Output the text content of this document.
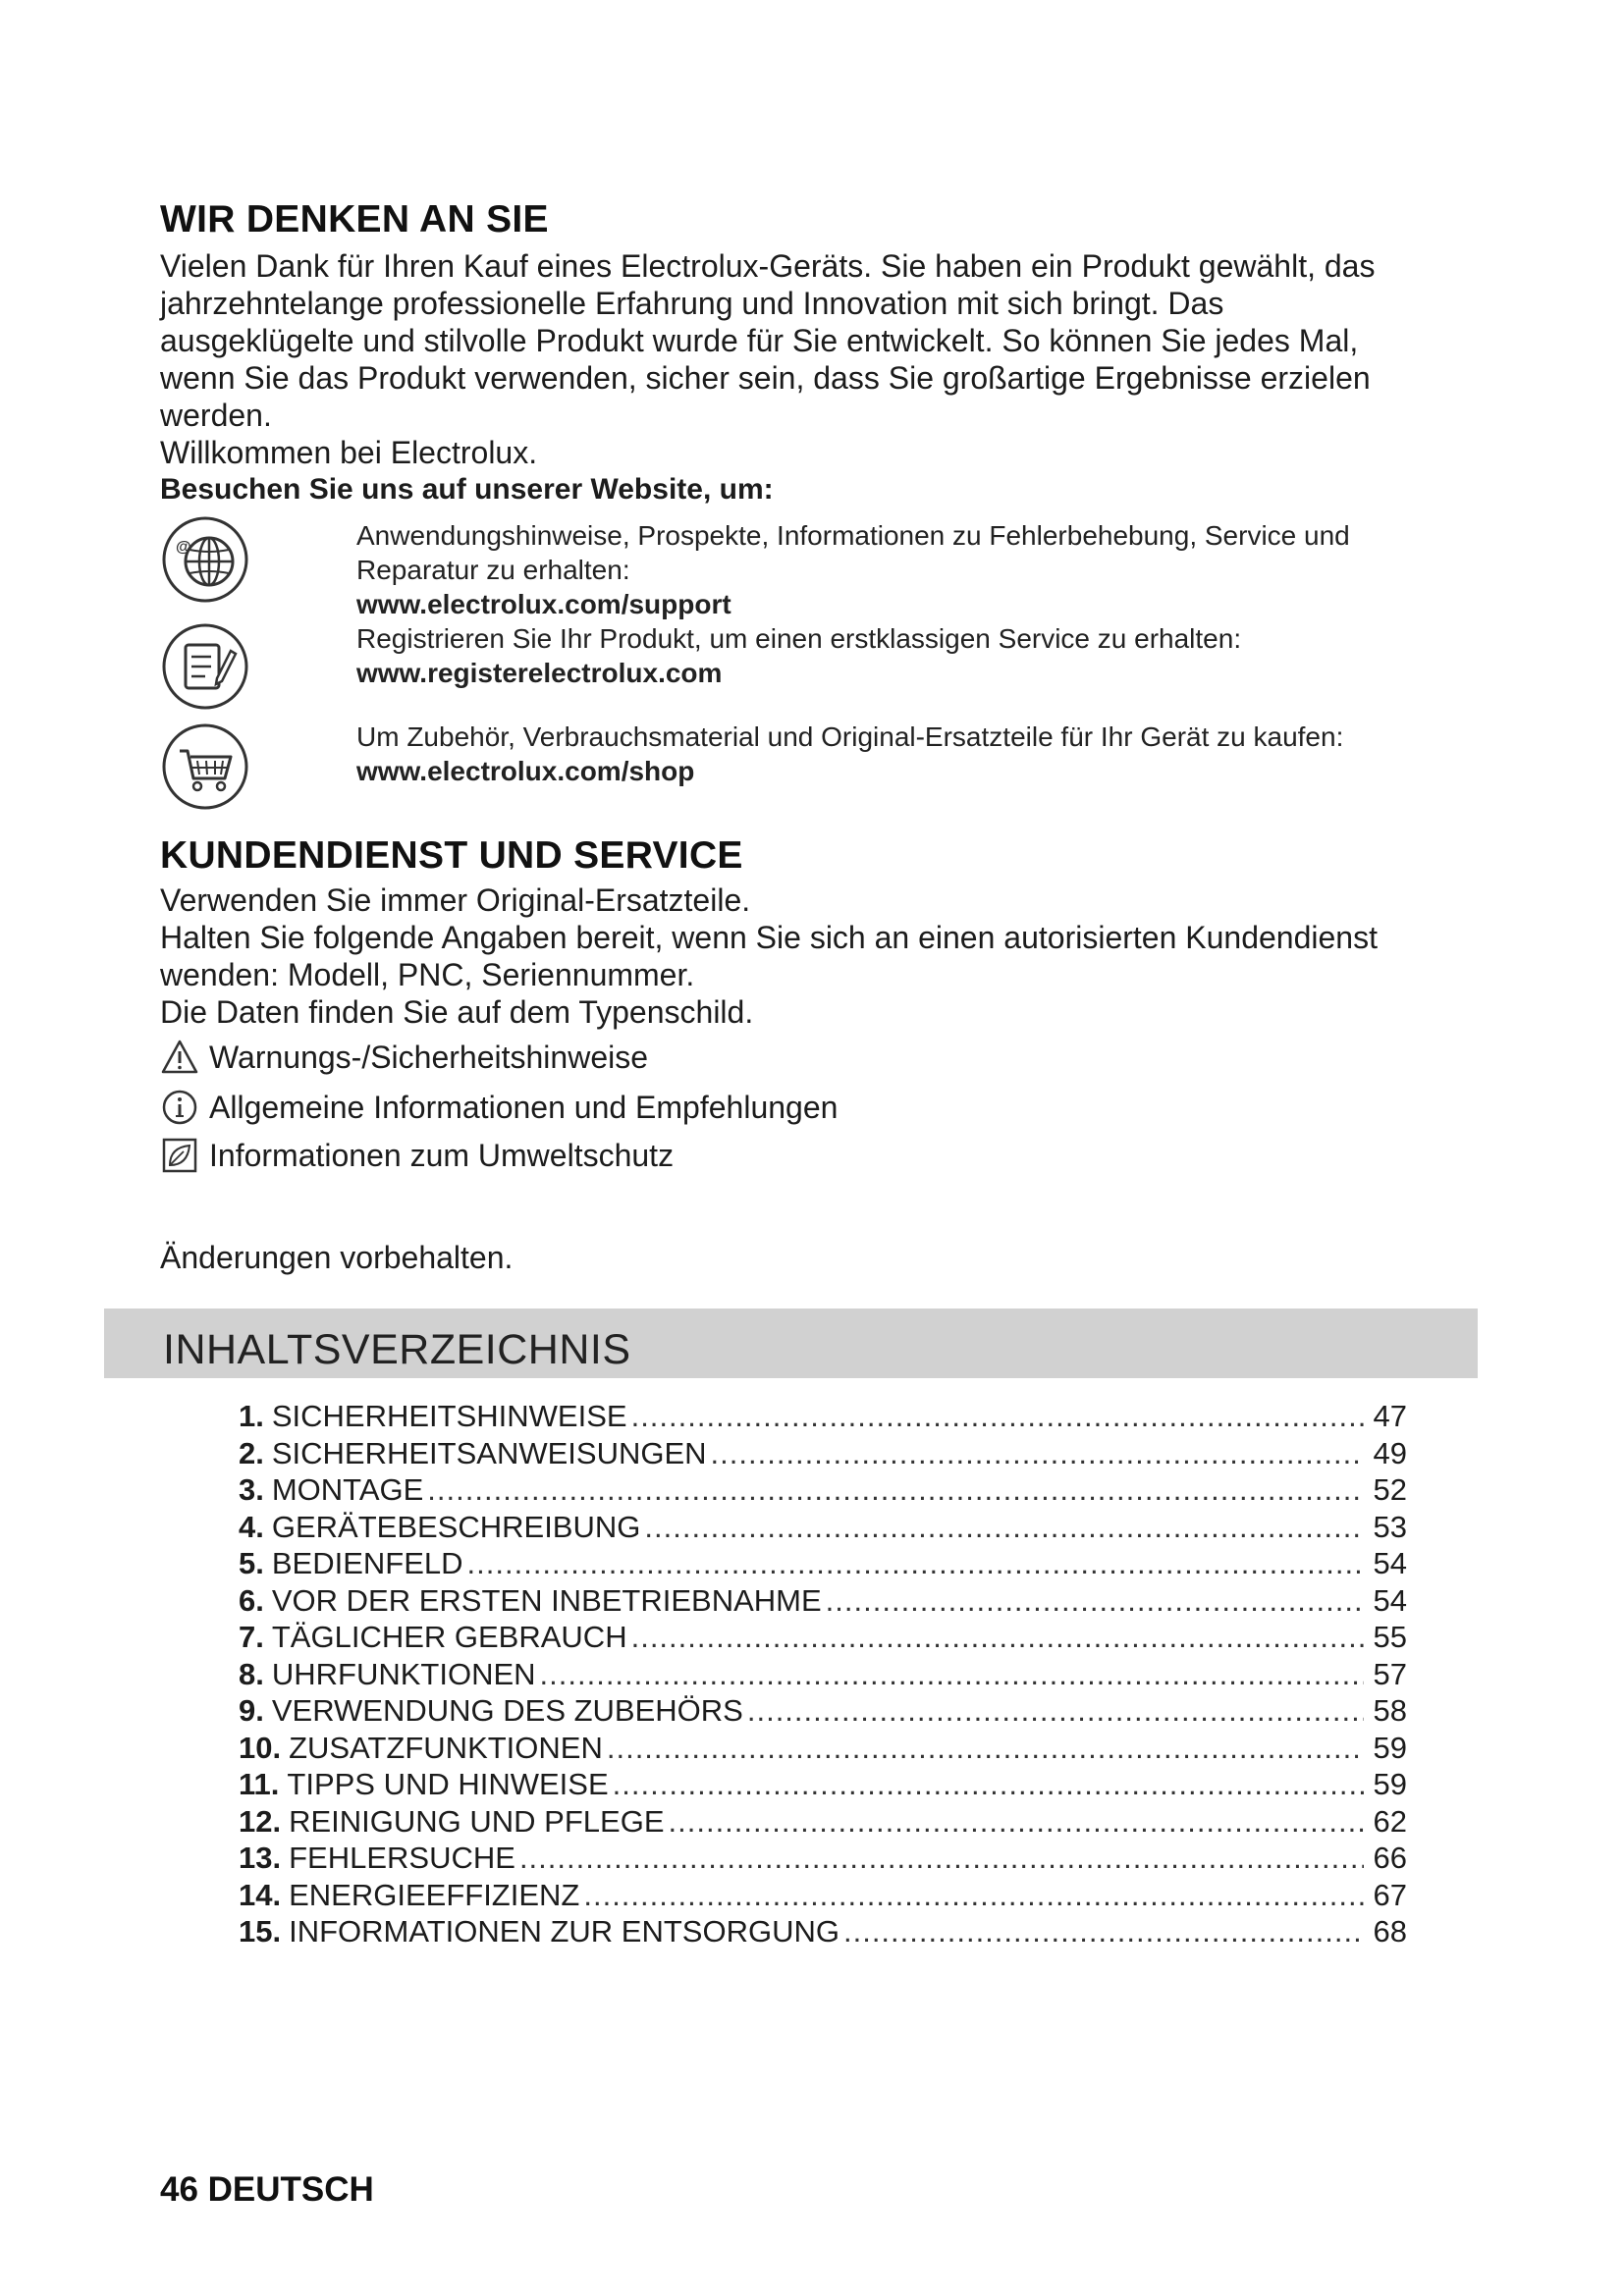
WIR DENKEN AN SIE

Vielen Dank für Ihren Kauf eines Electrolux-Geräts. Sie haben ein Produkt gewählt, das

jahrzehntelange professionelle Erfahrung und Innovation mit sich bringt. Das

ausgeklügelte und stilvolle Produkt wurde für Sie entwickelt. So können Sie jedes Mal,

wenn Sie das Produkt verwenden, sicher sein, dass Sie großartige Ergebnisse erzielen

werden.

Willkommen bei Electrolux.

Besuchen Sie uns auf unserer Website, um:

@	Anwendungshinweise, Prospekte, Informationen zu Fehlerbehebung, Service und
Reparatur zu erhalten:
www.electrolux.com/support
Registrieren Sie Ihr Produkt, um einen erstklassigen Service zu erhalten:
www.registerelectrolux.com
Um Zubehör, Verbrauchsmaterial und Original-Ersatzteile für Ihr Gerät zu kaufen:
www.electrolux.com/shop
KUNDENDIENST UND SERVICE

Verwenden Sie immer Original-Ersatzteile.

Halten Sie folgende Angaben bereit, wenn Sie sich an einen autorisierten Kundendienst

wenden: Modell, PNC, Seriennummer.

Die Daten finden Sie auf dem Typenschild.

Warnungs-/Sicherheitshinweise
Allgemeine Informationen und Empfehlungen
Informationen zum Umweltschutz
Änderungen vorbehalten.
INHALTSVERZEICHNIS
1. SICHERHEITSHINWEISE .....	47
2. SICHERHEITSANWEISUNGEN .....	49
3. MONTAGE .....	52
4. GERÄTEBESCHREIBUNG .....	53
5. BEDIENFELD .....	54
6. VOR DER ERSTEN INBETRIEBNAHME .....	54
7. TÄGLICHER GEBRAUCH .....	55
8. UHRFUNKTIONEN .....	57
9. VERWENDUNG DES ZUBEHÖRS .....	58
10. ZUSATZFUNKTIONEN .....	59
11. TIPPS UND HINWEISE .....	59
12. REINIGUNG UND PFLEGE .....	62
13. FEHLERSUCHE .....	66
14. ENERGIEEFFIZIENZ .....	67
15. INFORMATIONEN ZUR ENTSORGUNG .....	68
46 DEUTSCH
